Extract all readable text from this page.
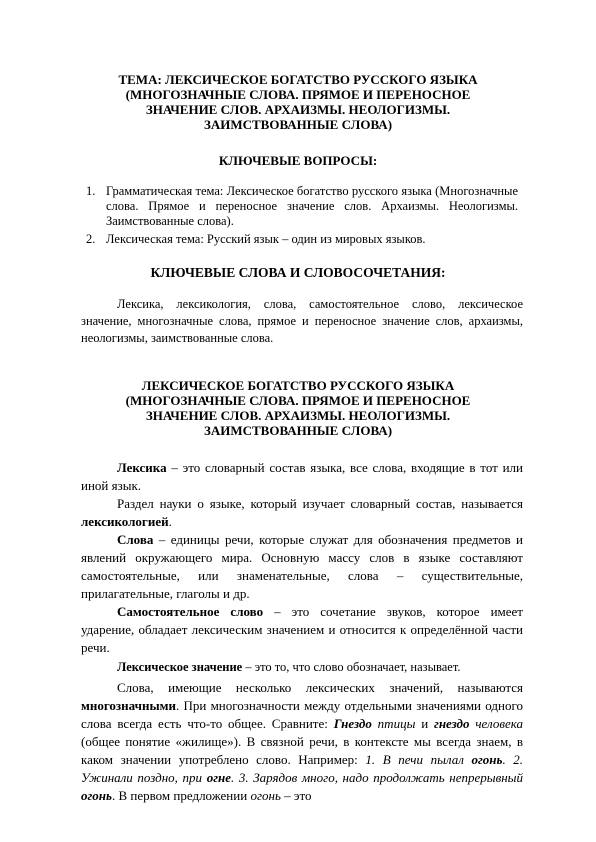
ТЕМА: ЛЕКСИЧЕСКОЕ БОГАТСТВО РУССКОГО ЯЗЫКА
(МНОГОЗНАЧНЫЕ СЛОВА. ПРЯМОЕ И ПЕРЕНОСНОЕ
ЗНАЧЕНИЕ СЛОВ. АРХАИЗМЫ. НЕОЛОГИЗМЫ.
ЗАИМСТВОВАННЫЕ СЛОВА)
КЛЮЧЕВЫЕ ВОПРОСЫ:
1. Грамматическая тема: Лексическое богатство русского языка (Многозначные слова. Прямое и переносное значение слов. Архаизмы. Неологизмы. Заимствованные слова).
2. Лексическая тема: Русский язык – один из мировых языков.
КЛЮЧЕВЫЕ СЛОВА И СЛОВОСОЧЕТАНИЯ:
Лексика, лексикология, слова, самостоятельное слово, лексическое значение, многозначные слова, прямое и переносное значение слов, архаизмы, неологизмы, заимствованные слова.
ЛЕКСИЧЕСКОЕ БОГАТСТВО РУССКОГО ЯЗЫКА
(МНОГОЗНАЧНЫЕ СЛОВА. ПРЯМОЕ И ПЕРЕНОСНОЕ
ЗНАЧЕНИЕ СЛОВ. АРХАИЗМЫ. НЕОЛОГИЗМЫ.
ЗАИМСТВОВАННЫЕ СЛОВА)
Лексика – это словарный состав языка, все слова, входящие в тот или иной язык.
Раздел науки о языке, который изучает словарный состав, называется лексикологией.
Слова – единицы речи, которые служат для обозначения предметов и явлений окружающего мира. Основную массу слов в языке составляют самостоятельные, или знаменательные, слова – существительные, прилагательные, глаголы и др.
Самостоятельное слово – это сочетание звуков, которое имеет ударение, обладает лексическим значением и относится к определённой части речи.
Лексическое значение – это то, что слово обозначает, называет.
Слова, имеющие несколько лексических значений, называются многозначными. При многозначности между отдельными значениями одного слова всегда есть что-то общее. Сравните: Гнездо птицы и гнездо человека (общее понятие «жилище»). В связной речи, в контексте мы всегда знаем, в каком значении употреблено слово. Например: 1. В печи пылал огонь. 2. Ужинали поздно, при огне. 3. Зарядов много, надо продолжать непрерывный огонь. В первом предложении огонь – это
